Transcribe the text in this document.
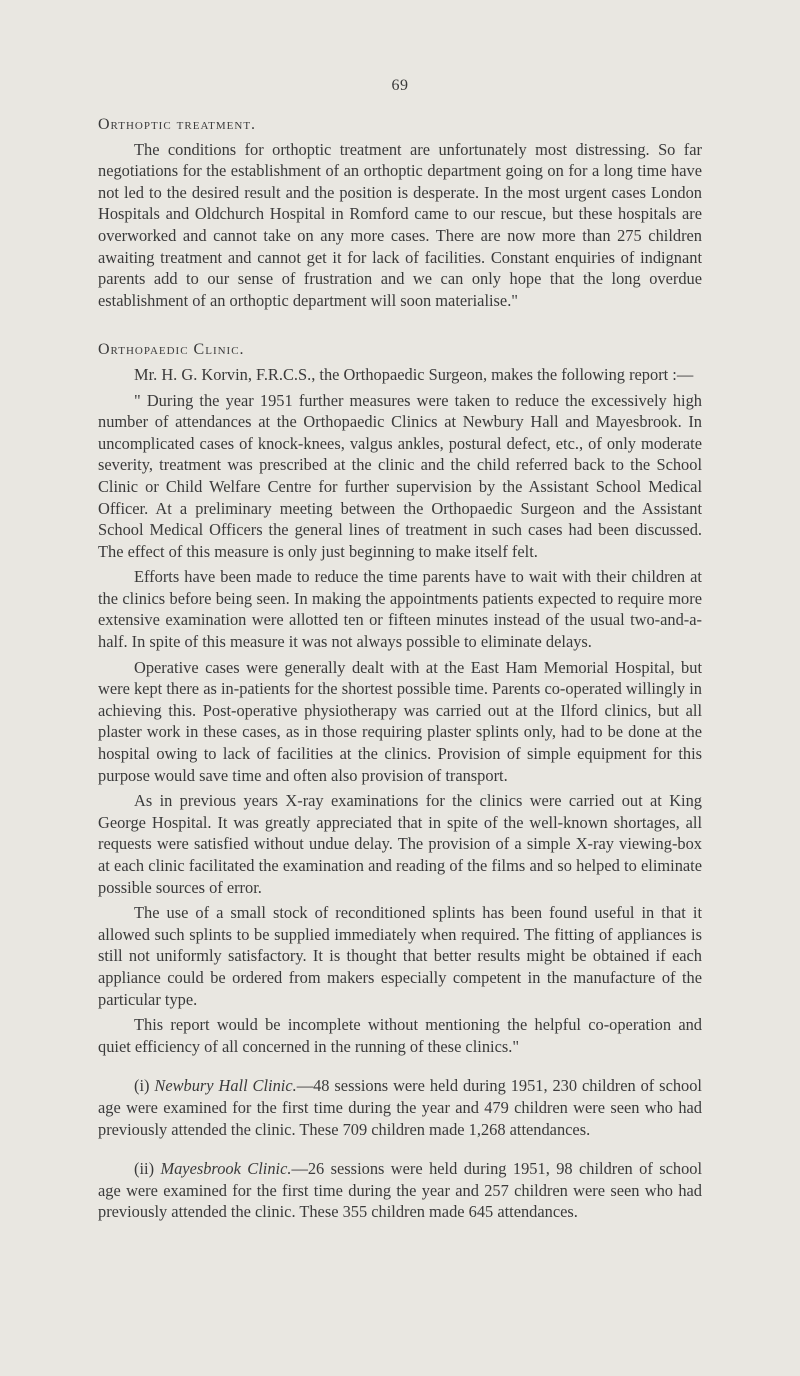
69
Orthoptic treatment.

The conditions for orthoptic treatment are unfortunately most distressing. So far negotiations for the establishment of an orthoptic department going on for a long time have not led to the desired result and the position is desperate. In the most urgent cases London Hospitals and Oldchurch Hospital in Romford came to our rescue, but these hospitals are overworked and cannot take on any more cases. There are now more than 275 children awaiting treatment and cannot get it for lack of facilities. Constant enquiries of indignant parents add to our sense of frustration and we can only hope that the long overdue establishment of an orthoptic department will soon materialise."

Orthopaedic Clinic.

Mr. H. G. Korvin, F.R.C.S., the Orthopaedic Surgeon, makes the following report :—

" During the year 1951 further measures were taken to reduce the excessively high number of attendances at the Orthopaedic Clinics at Newbury Hall and Mayesbrook. In uncomplicated cases of knock-knees, valgus ankles, postural defect, etc., of only moderate severity, treatment was prescribed at the clinic and the child referred back to the School Clinic or Child Welfare Centre for further supervision by the Assistant School Medical Officer. At a preliminary meeting between the Orthopaedic Surgeon and the Assistant School Medical Officers the general lines of treatment in such cases had been discussed. The effect of this measure is only just beginning to make itself felt.

Efforts have been made to reduce the time parents have to wait with their children at the clinics before being seen. In making the appointments patients expected to require more extensive examination were allotted ten or fifteen minutes instead of the usual two-and-a-half. In spite of this measure it was not always possible to eliminate delays.

Operative cases were generally dealt with at the East Ham Memorial Hospital, but were kept there as in-patients for the shortest possible time. Parents co-operated willingly in achieving this. Post-operative physiotherapy was carried out at the Ilford clinics, but all plaster work in these cases, as in those requiring plaster splints only, had to be done at the hospital owing to lack of facilities at the clinics. Provision of simple equipment for this purpose would save time and often also provision of transport.

As in previous years X-ray examinations for the clinics were carried out at King George Hospital. It was greatly appreciated that in spite of the well-known shortages, all requests were satisfied without undue delay. The provision of a simple X-ray viewing-box at each clinic facilitated the examination and reading of the films and so helped to eliminate possible sources of error.

The use of a small stock of reconditioned splints has been found useful in that it allowed such splints to be supplied immediately when required. The fitting of appliances is still not uniformly satisfactory. It is thought that better results might be obtained if each appliance could be ordered from makers especially competent in the manufacture of the particular type.

This report would be incomplete without mentioning the helpful co-operation and quiet efficiency of all concerned in the running of these clinics."

(i) Newbury Hall Clinic.—48 sessions were held during 1951, 230 children of school age were examined for the first time during the year and 479 children were seen who had previously attended the clinic. These 709 children made 1,268 attendances.

(ii) Mayesbrook Clinic.—26 sessions were held during 1951, 98 children of school age were examined for the first time during the year and 257 children were seen who had previously attended the clinic. These 355 children made 645 attendances.
